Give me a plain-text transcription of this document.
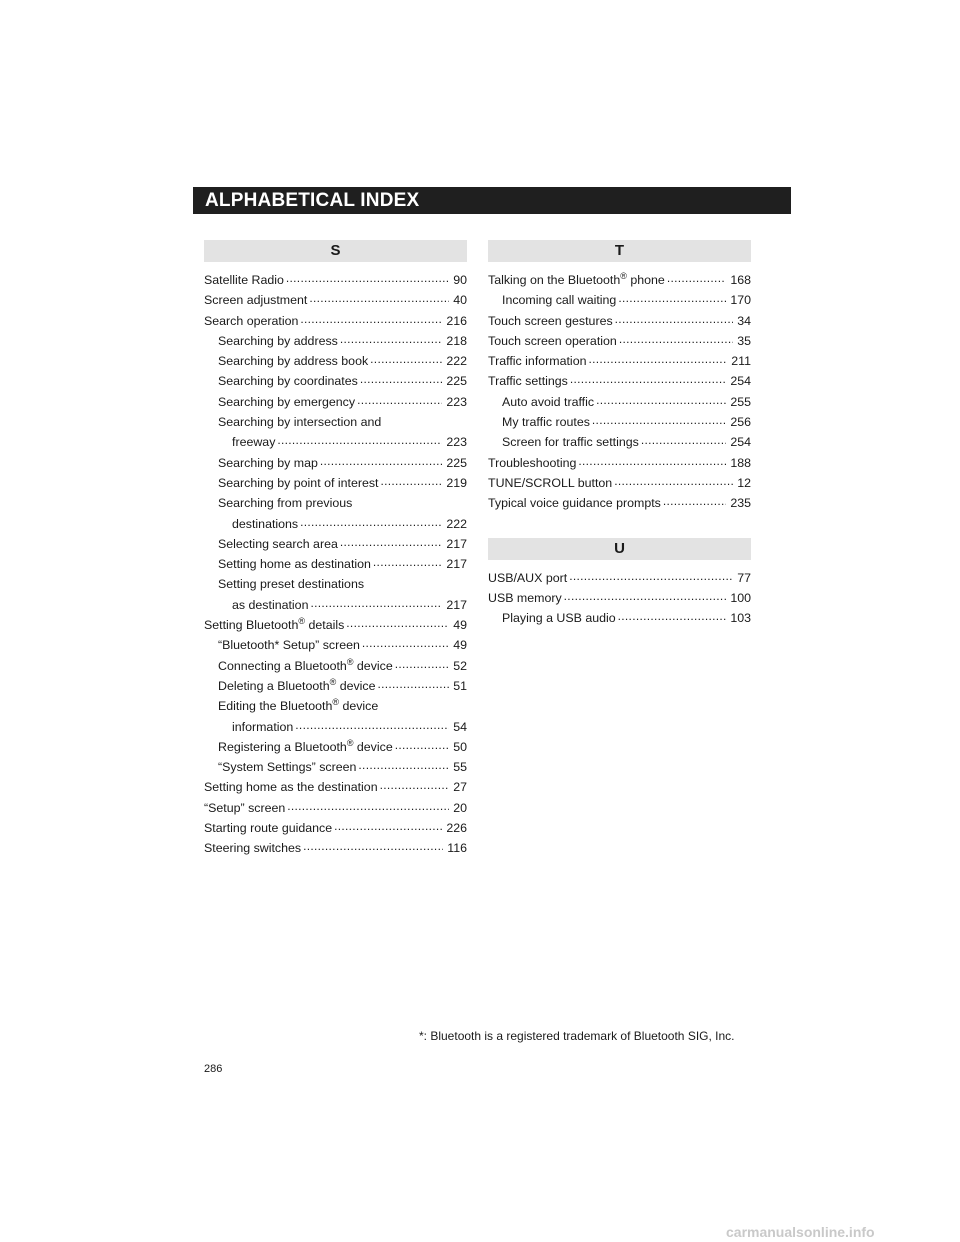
ALPHABETICAL INDEX
S
Satellite Radio .....	90
Screen adjustment .....	40
Search operation .....	216
Searching by address .....	218
Searching by address book .....	222
Searching by coordinates .....	225
Searching by emergency .....	223
Searching by intersection and
freeway .....	223
Searching by map .....	225
Searching by point of interest .....	219
Searching from previous
destinations .....	222
Selecting search area .....	217
Setting home as destination .....	217
Setting preset destinations
as destination .....	217
Setting Bluetooth® details .....	49
“Bluetooth* Setup” screen .....	49
Connecting a Bluetooth® device .....	52
Deleting a Bluetooth® device .....	51
Editing the Bluetooth® device
information .....	54
Registering a Bluetooth® device .....	50
“System Settings” screen .....	55
Setting home as the destination .....	27
“Setup” screen .....	20
Starting route guidance .....	226
Steering switches .....	116
T
Talking on the Bluetooth® phone .....	168
Incoming call waiting .....	170
Touch screen gestures .....	34
Touch screen operation .....	35
Traffic information .....	211
Traffic settings .....	254
Auto avoid traffic .....	255
My traffic routes .....	256
Screen for traffic settings .....	254
Troubleshooting .....	188
TUNE/SCROLL button .....	12
Typical voice guidance prompts .....	235
U
USB/AUX port .....	77
USB memory .....	100
Playing a USB audio .....	103
*: Bluetooth is a registered trademark of Bluetooth SIG, Inc.
286
carmanualsonline.info
